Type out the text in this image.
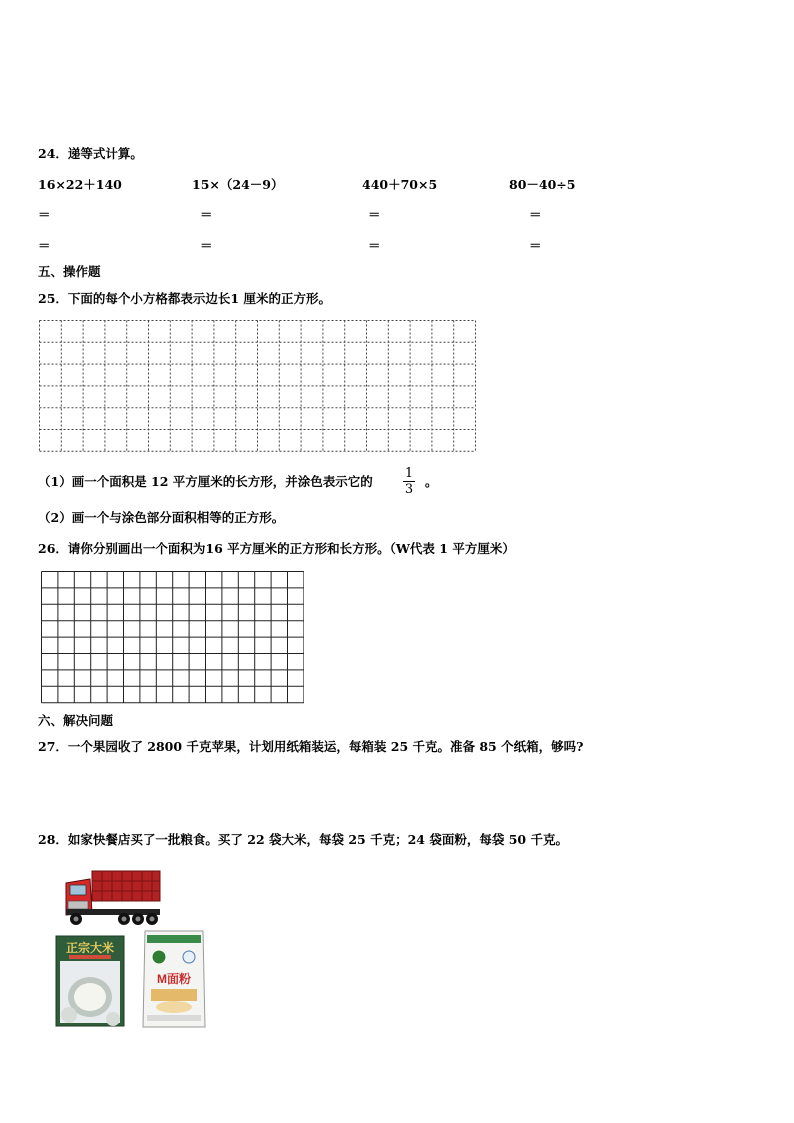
24．递等式计算。
16×22＋140	15×（24－9）	440＋70×5	80－40÷5
＝	＝	＝	＝
＝	＝	＝	＝
五、操作题
25．下面的每个小方格都表示边长1 厘米的正方形。
（1）画一个面积是 12 平方厘米的长方形，并涂色表示它的
1
3
。
（2）画一个与涂色部分面积相等的正方形。
26．请你分别画出一个面积为16 平方厘米的正方形和长方形。（W代表 1 平方厘米）
六、解决问题
27．一个果园收了 2800 千克苹果，计划用纸箱装运，每箱装 25 千克。准备 85 个纸箱，够吗?
28．如家快餐店买了一批粮食。买了 22 袋大米，每袋 25 千克；24 袋面粉，每袋 50 千克。
正宗大米
M面粉
